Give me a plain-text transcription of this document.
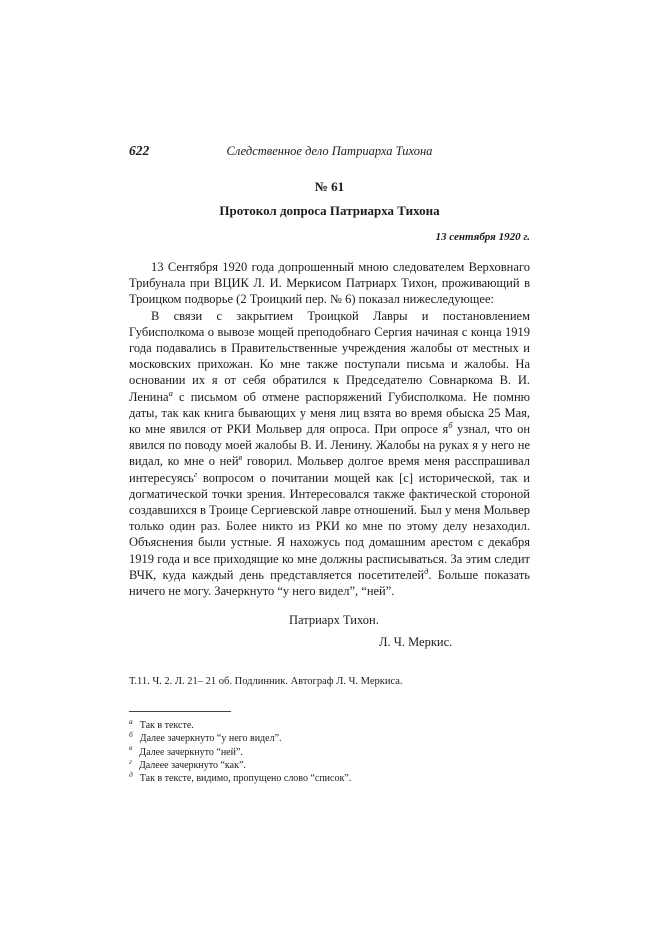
622	Следственное дело Патриарха Тихона
№ 61
Протокол допроса Патриарха Тихона
13 сентября 1920 г.

13 Сентября 1920 года допрошенный мною следователем Верховнаго Трибунала при ВЦИК Л. И. Меркисом Патриарх Тихон, проживающий в Троицком подворье (2 Троицкий пер. № 6) показал нижеследующее:

В связи с закрытием Троицкой Лавры и постановлением Губисполкома о вывозе мощей преподобнаго Сергия начиная с конца 1919 года подавались в Правительственные учреждения жалобы от местных и московских прихожан. Ко мне также поступали письма и жалобы. На основании их я от себя обратился к Председателю Совнаркома В. И. Ленина$^а$ с письмом об отмене распоряжений Губисполкома. Не помню даты, так как книга бывающих у меня лиц взята во время обыска 25 Мая, ко мне явился от РКИ Мольвер для опроса. При опросе я$^б$ узнал, что он явился по поводу моей жалобы В. И. Ленину. Жалобы на руках я у него не видал, ко мне о ней$^в$ говорил. Мольвер долгое время меня расспрашивал интересуясь$^г$ вопросом о почитании мощей как [с] исторической, так и догматической точки зрения. Интересовался также фактической стороной создавшихся в Троице Сергиевской лавре отношений. Был у меня Мольвер только один раз. Более никто из РКИ ко мне по этому делу незаходил. Объяснения были устные. Я нахожусь под домашним арестом с декабря 1919 года и все приходящие ко мне должны расписываться. За этим следит ВЧК, куда каждый день представляется посетителей$^д$. Больше показать ничего не могу. Зачеркнуто “у него видел”, “ней”.

Патриарх Тихон.
Л. Ч. Меркис.
Т.11. Ч. 2. Л. 21– 21 об. Подлинник. Автограф Л. Ч. Меркиса.
$^а$ Так в тексте.
$^б$ Далее зачеркнуто “у него видел”.
$^в$ Далее зачеркнуто “ней”.
$^г$ Далеее зачеркнуто “как”.
$^д$ Так в тексте, видимо, пропущено слово “список”.
